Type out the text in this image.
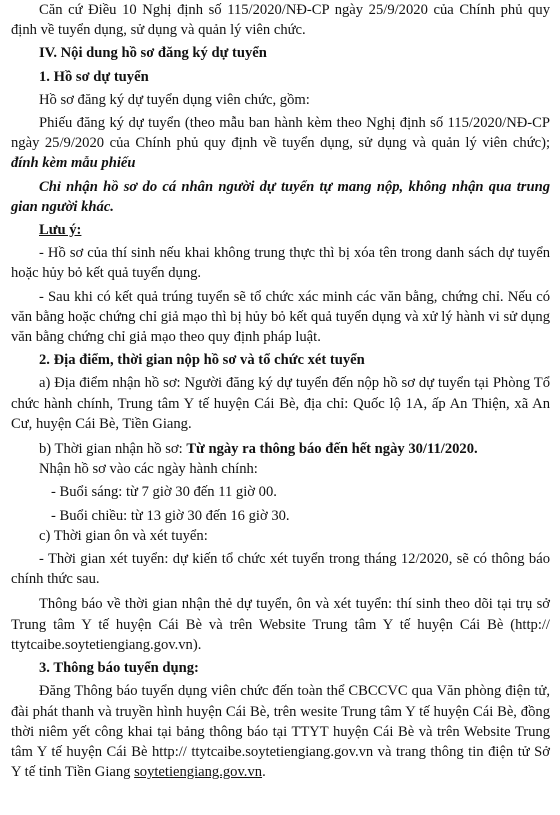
Căn cứ Điều 10 Nghị định số 115/2020/NĐ-CP ngày 25/9/2020 của Chính phủ quy định về tuyển dụng, sử dụng và quản lý viên chức.

IV. Nội dung hồ sơ đăng ký dự tuyển

1. Hồ sơ dự tuyển

Hồ sơ đăng ký dự tuyển dụng viên chức, gồm:

Phiếu đăng ký dự tuyển (theo mẫu ban hành kèm theo Nghị định số 115/2020/NĐ-CP ngày 25/9/2020 của Chính phủ quy định về tuyển dụng, sử dụng và quản lý viên chức); đính kèm mẫu phiếu

Chỉ nhận hồ sơ do cá nhân người dự tuyển tự mang nộp, không nhận qua trung gian người khác.

Lưu ý:

- Hồ sơ của thí sinh nếu khai không trung thực thì bị xóa tên trong danh sách dự tuyển hoặc hủy bỏ kết quả tuyển dụng.

- Sau khi có kết quả trúng tuyển sẽ tổ chức xác minh các văn bằng, chứng chỉ. Nếu có văn bằng hoặc chứng chỉ giả mạo thì bị hủy bỏ kết quả tuyển dụng và xử lý hành vi sử dụng văn bằng chứng chỉ giả mạo theo quy định pháp luật.

2. Địa điểm, thời gian nộp hồ sơ và tổ chức xét tuyển

a) Địa điểm nhận hồ sơ: Người đăng ký dự tuyển đến nộp hồ sơ dự tuyển tại Phòng Tổ chức hành chính, Trung tâm Y tế huyện Cái Bè, địa chỉ: Quốc lộ 1A, ấp An Thiện, xã An Cư, huyện Cái Bè, Tiền Giang.

b) Thời gian nhận hồ sơ: Từ ngày ra thông báo đến hết ngày 30/11/2020.

Nhận hồ sơ vào các ngày hành chính:

- Buổi sáng: từ 7 giờ 30 đến 11 giờ 00.

- Buổi chiều: từ 13 giờ 30 đến 16 giờ 30.

c) Thời gian ôn và xét tuyển:

- Thời gian xét tuyển: dự kiến tổ chức xét tuyển trong tháng 12/2020, sẽ có thông báo chính thức sau.

Thông báo về thời gian nhận thẻ dự tuyển, ôn và xét tuyển: thí sinh theo dõi tại trụ sở Trung tâm Y tế huyện Cái Bè và trên Website Trung tâm Y tế huyện Cái Bè (http:// ttytcaibe.soytetiengiang.gov.vn).

3. Thông báo tuyển dụng:

Đăng Thông báo tuyển dụng viên chức đến toàn thể CBCCVC qua Văn phòng điện tử, đài phát thanh và truyền hình huyện Cái Bè, trên wesite Trung tâm Y tế huyện Cái Bè, đồng thời niêm yết công khai tại bảng thông báo tại TTYT huyện Cái Bè và trên Website Trung tâm Y tế huyện Cái Bè http:// ttytcaibe.soytetiengiang.gov.vn và trang thông tin điện tử Sở Y tế tỉnh Tiền Giang soytetiengiang.gov.vn.
